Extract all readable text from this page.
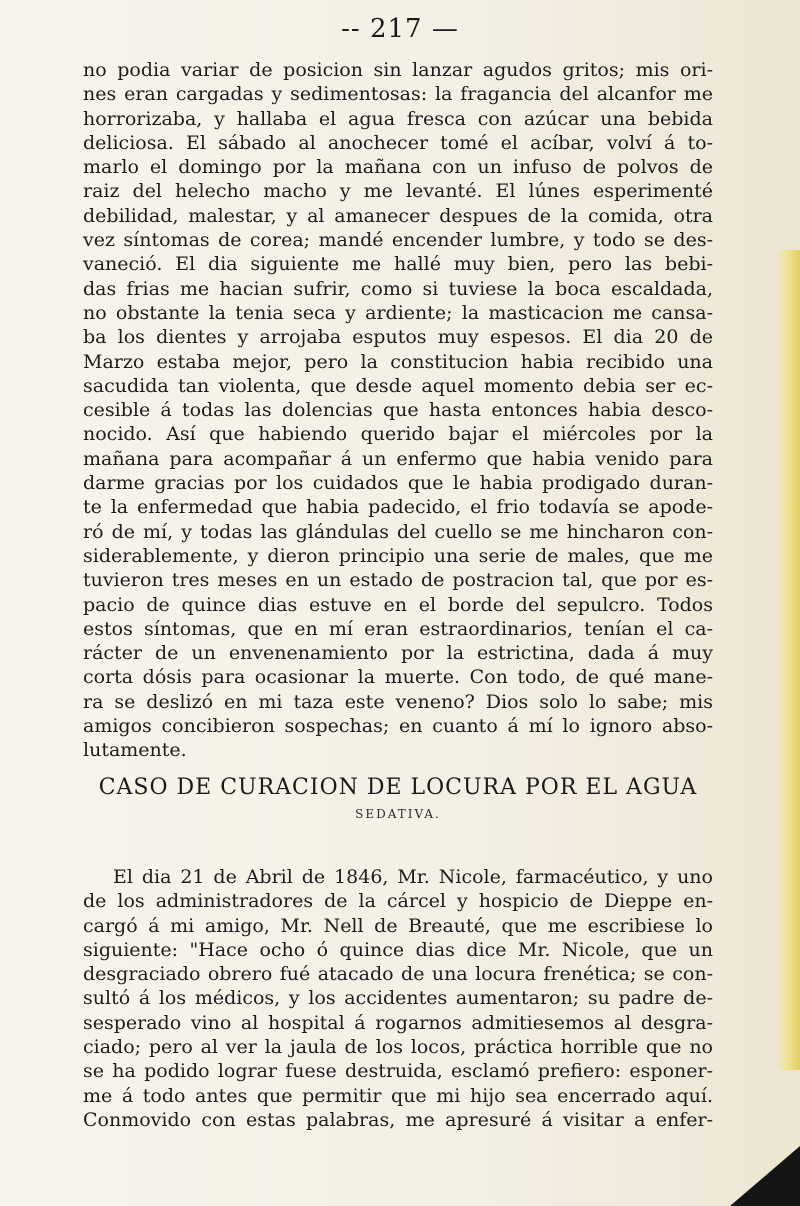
-- 217 —
no podia variar de posicion sin lanzar agudos gritos; mis ori-
nes eran cargadas y sedimentosas: la fragancia del alcanfor me
horrorizaba, y hallaba el agua fresca con azúcar una bebida
deliciosa. El sábado al anochecer tomé el acíbar, volví á to-
marlo el domingo por la mañana con un infuso de polvos de
raiz del helecho macho y me levanté. El lúnes esperimenté
debilidad, malestar, y al amanecer despues de la comida, otra
vez síntomas de corea; mandé encender lumbre, y todo se des-
vaneció. El dia siguiente me hallé muy bien, pero las bebi-
das frias me hacian sufrir, como si tuviese la boca escaldada,
no obstante la tenia seca y ardiente; la masticacion me cansa-
ba los dientes y arrojaba esputos muy espesos. El dia 20 de
Marzo estaba mejor, pero la constitucion habia recibido una
sacudida tan violenta, que desde aquel momento debia ser ec-
cesible á todas las dolencias que hasta entonces habia desco-
nocido. Así que habiendo querido bajar el miércoles por la
mañana para acompañar á un enfermo que habia venido para
darme gracias por los cuidados que le habia prodigado duran-
te la enfermedad que habia padecido, el frio todavía se apode-
ró de mí, y todas las glándulas del cuello se me hincharon con-
siderablemente, y dieron principio una serie de males, que me
tuvieron tres meses en un estado de postracion tal, que por es-
pacio de quince dias estuve en el borde del sepulcro. Todos
estos síntomas, que en mí eran estraordinarios, tenían el ca-
rácter de un envenenamiento por la estrictina, dada á muy
corta dósis para ocasionar la muerte. Con todo, de qué mane-
ra se deslizó en mi taza este veneno? Dios solo lo sabe; mis
amigos concibieron sospechas; en cuanto á mí lo ignoro abso-
lutamente.
CASO DE CURACION DE LOCURA POR EL AGUA
SEDATIVA.
El dia 21 de Abril de 1846, Mr. Nicole, farmacéutico, y uno
de los administradores de la cárcel y hospicio de Dieppe en-
cargó á mi amigo, Mr. Nell de Breauté, que me escribiese lo
siguiente: "Hace ocho ó quince dias dice Mr. Nicole, que un
desgraciado obrero fué atacado de una locura frenética; se con-
sultó á los médicos, y los accidentes aumentaron; su padre de-
sesperado vino al hospital á rogarnos admitiesemos al desgra-
ciado; pero al ver la jaula de los locos, práctica horrible que no
se ha podido lograr fuese destruida, esclamó prefiero: esponer-
me á todo antes que permitir que mi hijo sea encerrado aquí.
Conmovido con estas palabras, me apresuré á visitar a enfer-
